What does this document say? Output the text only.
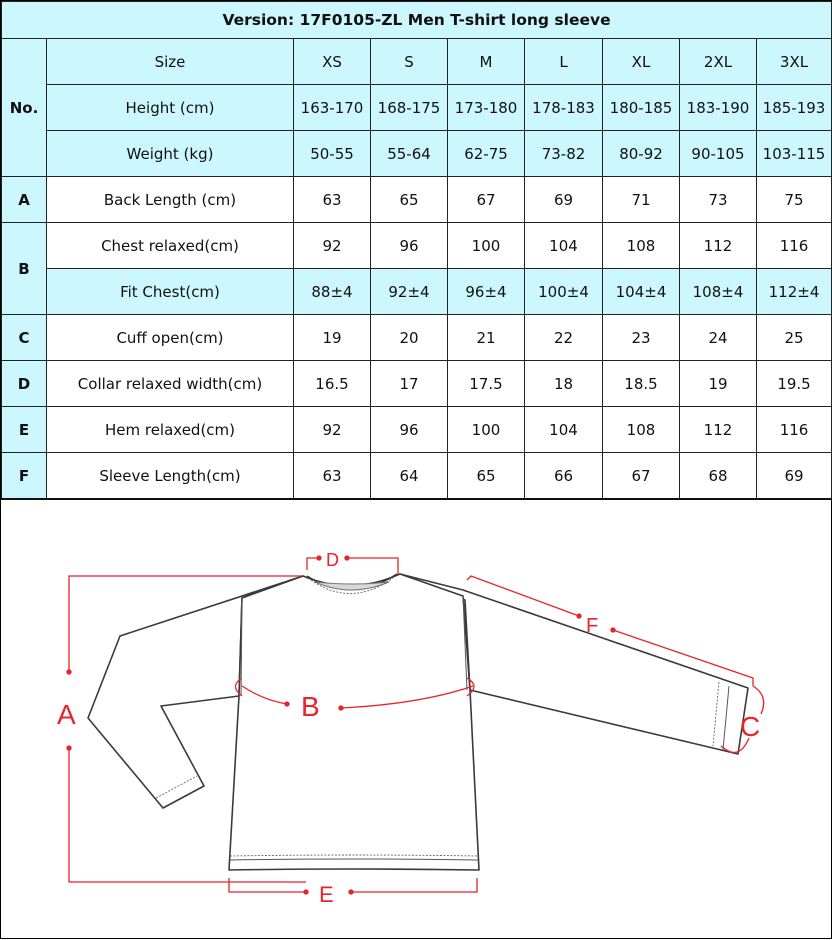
Version: 17F0105-ZL Men T-shirt long sleeve								
No.	Size	XS	S	M	L	XL	2XL	3XL
	Height (cm)	163-170	168-175	173-180	178-183	180-185	183-190	185-193
	Weight (kg)	50-55	55-64	62-75	73-82	80-92	90-105	103-115
A	Back Length (cm)	63	65	67	69	71	73	75
B	Chest relaxed(cm)	92	96	100	104	108	112	116
	Fit Chest(cm)	88±4	92±4	96±4	100±4	104±4	108±4	112±4
C	Cuff open(cm)	19	20	21	22	23	24	25
D	Collar relaxed width(cm)	16.5	17	17.5	18	18.5	19	19.5
E	Hem relaxed(cm)	92	96	100	104	108	112	116
F	Sleeve Length(cm)	63	64	65	66	67	68	69
A	B
C
D
E
F
